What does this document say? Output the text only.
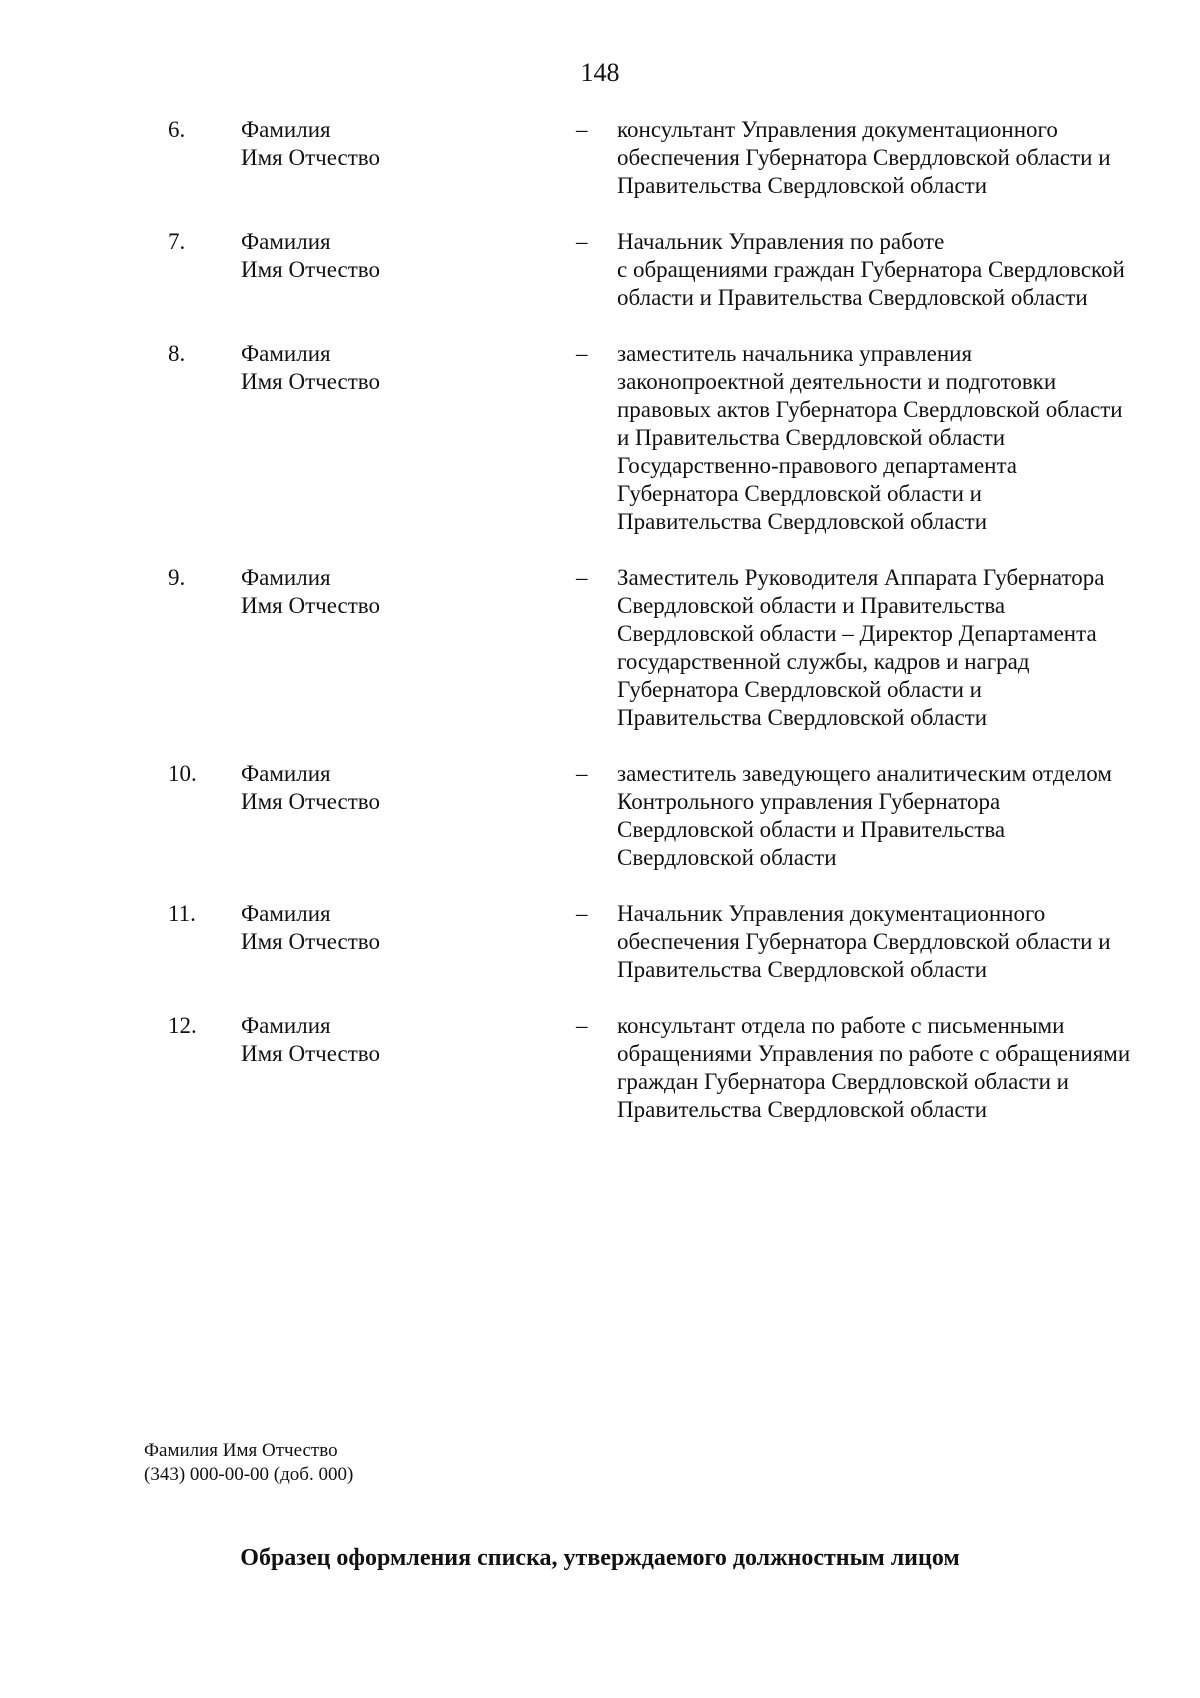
148
6. Фамилия
Имя Отчество
– консультант Управления документационного
обеспечения Губернатора Свердловской области и
Правительства Свердловской области
7. Фамилия
Имя Отчество
– Начальник Управления по работе
с обращениями граждан Губернатора Свердловской
области и Правительства Свердловской области
8. Фамилия
Имя Отчество
– заместитель начальника управления
законопроектной деятельности и подготовки
правовых актов Губернатора Свердловской области
и Правительства Свердловской области
Государственно-правового департамента
Губернатора Свердловской области и
Правительства Свердловской области
9. Фамилия
Имя Отчество
– Заместитель Руководителя Аппарата Губернатора
Свердловской области и Правительства
Свердловской области – Директор Департамента
государственной службы, кадров и наград
Губернатора Свердловской области и
Правительства Свердловской области
10. Фамилия
Имя Отчество
– заместитель заведующего аналитическим отделом
Контрольного управления Губернатора
Свердловской области и Правительства
Свердловской области
11. Фамилия
Имя Отчество
– Начальник Управления документационного
обеспечения Губернатора Свердловской области и
Правительства Свердловской области
12. Фамилия
Имя Отчество
– консультант отдела по работе с письменными
обращениями Управления по работе с обращениями
граждан Губернатора Свердловской области и
Правительства Свердловской области
Фамилия Имя Отчество
(343) 000-00-00 (доб. 000)
Образец оформления списка, утверждаемого должностным лицом
